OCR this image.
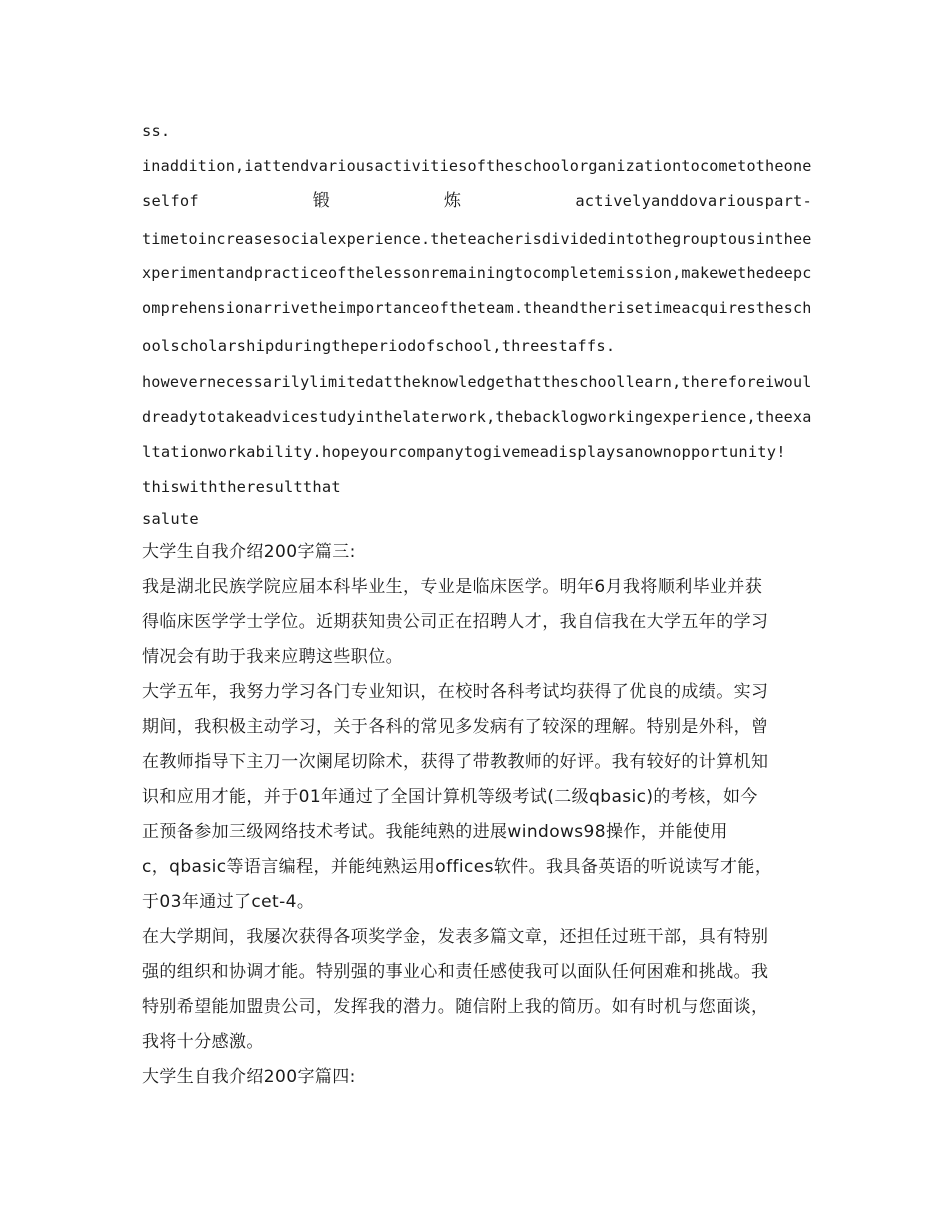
ss.
inaddition,iattendvariousactivitiesoftheschoolorganizationtocometotheone
selfof	锻	炼	activelyanddovariouspart-
timetoincreasesocialexperience.theteacherisdividedintothegrouptousinthee
xperimentandpracticeofthelessonremainingtocompletemission,makewethedeepc
omprehensionarrivetheimportanceoftheteam.theandtherisetimeacquiresthesch
oolscholarshipduringtheperiodofschool,threestaffs.
howevernecessarilylimitedattheknowledgethattheschoollearn,thereforeiwoul
dreadytotakeadvicestudyinthelaterwork,thebacklogworkingexperience,theexa
ltationworkability.hopeyourcompanytogivemeadisplaysanownopportunity!
thiswiththeresultthat
salute
大学生自我介绍200字篇三:
我是湖北民族学院应届本科毕业生，专业是临床医学。明年6月我将顺利毕业并获
得临床医学学士学位。近期获知贵公司正在招聘人才，我自信我在大学五年的学习
情况会有助于我来应聘这些职位。
大学五年，我努力学习各门专业知识，在校时各科考试均获得了优良的成绩。实习
期间，我积极主动学习，关于各科的常见多发病有了较深的理解。特别是外科，曾
在教师指导下主刀一次阑尾切除术，获得了带教教师的好评。我有较好的计算机知
识和应用才能，并于01年通过了全国计算机等级考试(二级qbasic)的考核，如今
正预备参加三级网络技术考试。我能纯熟的进展windows98操作，并能使用
c，qbasic等语言编程，并能纯熟运用offices软件。我具备英语的听说读写才能，
于03年通过了cet-4。
在大学期间，我屡次获得各项奖学金，发表多篇文章，还担任过班干部，具有特别
强的组织和协调才能。特别强的事业心和责任感使我可以面队任何困难和挑战。我
特别希望能加盟贵公司，发挥我的潜力。随信附上我的简历。如有时机与您面谈，
我将十分感激。
大学生自我介绍200字篇四:
